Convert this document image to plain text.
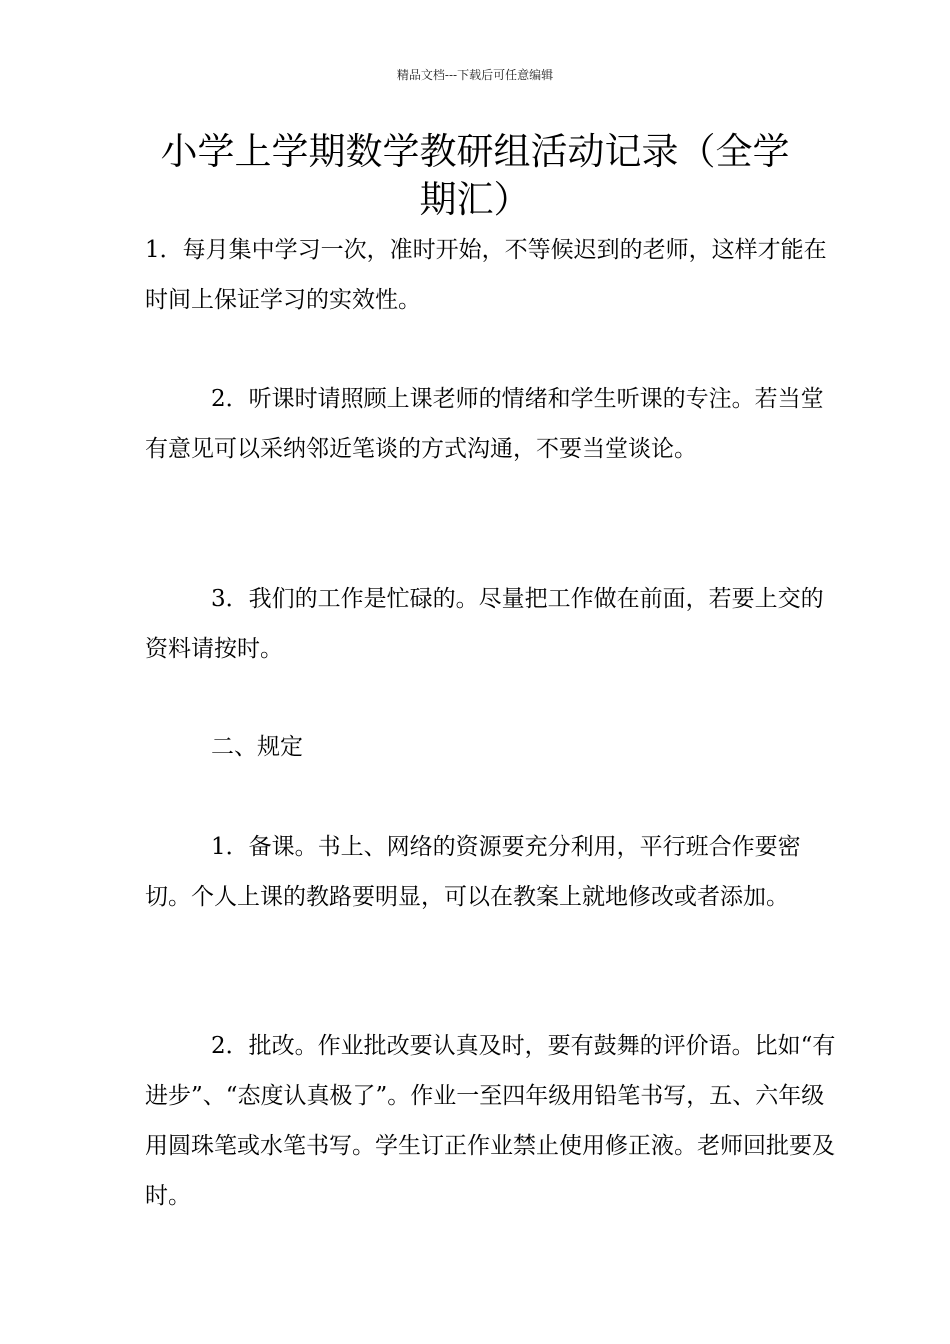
精品文档---下载后可任意编辑
小学上学期数学教研组活动记录（全学
期汇）

1．每月集中学习一次，准时开始，不等候迟到的老师，这样才能在时间上保证学习的实效性。

2．听课时请照顾上课老师的情绪和学生听课的专注。若当堂有意见可以采纳邻近笔谈的方式沟通，不要当堂谈论。

3．我们的工作是忙碌的。尽量把工作做在前面，若要上交的资料请按时。

二、规定

1．备课。书上、网络的资源要充分利用，平行班合作要密切。个人上课的教路要明显，可以在教案上就地修改或者添加。

2．批改。作业批改要认真及时，要有鼓舞的评价语。比如“有进步”、“态度认真极了”。作业一至四年级用铅笔书写，五、六年级用圆珠笔或水笔书写。学生订正作业禁止使用修正液。老师回批要及时。
